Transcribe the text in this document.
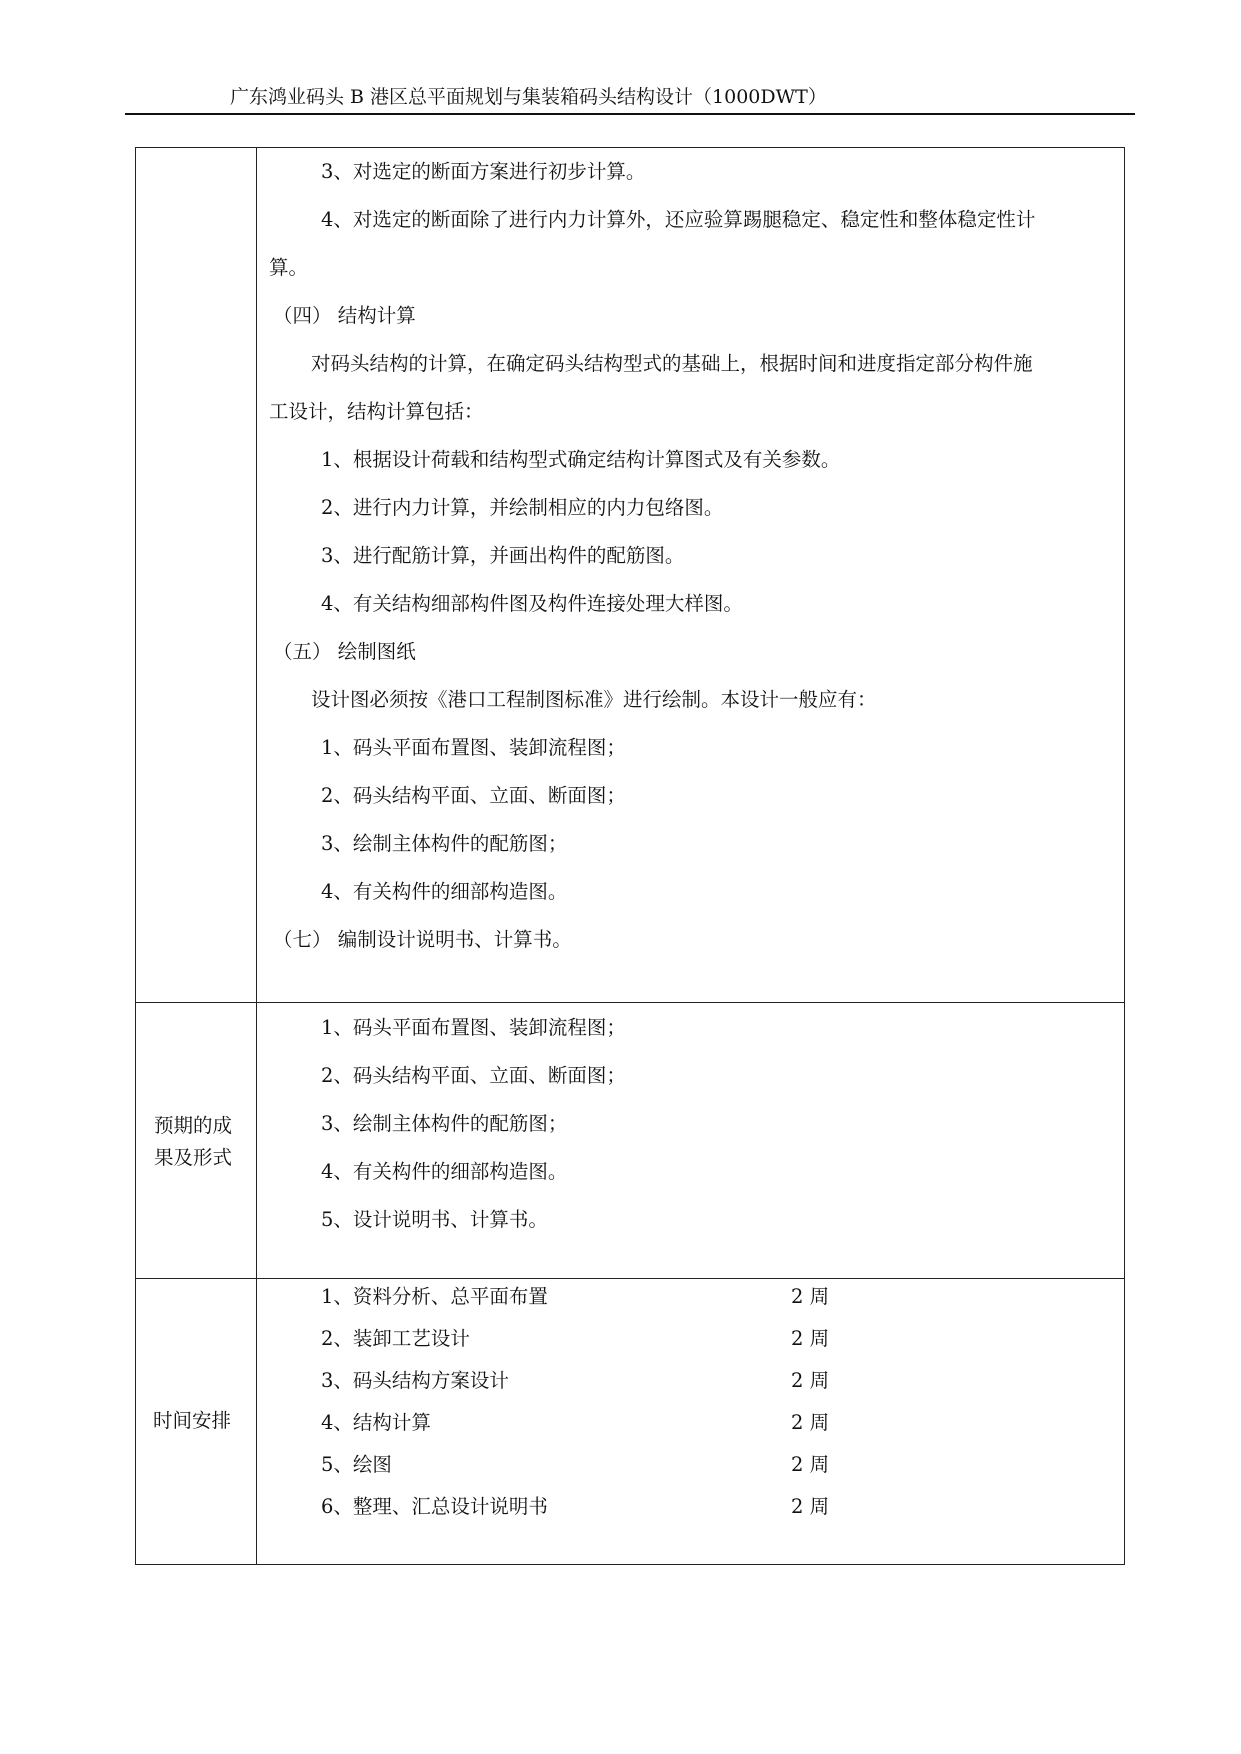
广东鸿业码头 B 港区总平面规划与集装箱码头结构设计（1000DWT）
3、对选定的断面方案进行初步计算。
4、对选定的断面除了进行内力计算外，还应验算踢腿稳定、稳定性和整体稳定性计
算。
（四） 结构计算
对码头结构的计算，在确定码头结构型式的基础上，根据时间和进度指定部分构件施
工设计，结构计算包括：
1、根据设计荷载和结构型式确定结构计算图式及有关参数。
2、进行内力计算，并绘制相应的内力包络图。
3、进行配筋计算，并画出构件的配筋图。
4、有关结构细部构件图及构件连接处理大样图。
（五） 绘制图纸
设计图必须按《港口工程制图标准》进行绘制。本设计一般应有：
1、码头平面布置图、装卸流程图；
2、码头结构平面、立面、断面图；
3、绘制主体构件的配筋图；
4、有关构件的细部构造图。
（七） 编制设计说明书、计算书。
预期的成
果及形式
1、码头平面布置图、装卸流程图；
2、码头结构平面、立面、断面图；
3、绘制主体构件的配筋图；
4、有关构件的细部构造图。
5、设计说明书、计算书。
时间安排
1、资料分析、总平面布置	2 周
2、装卸工艺设计	2 周
3、码头结构方案设计	2 周
4、结构计算	2 周
5、绘图	2 周
6、整理、汇总设计说明书	2 周
